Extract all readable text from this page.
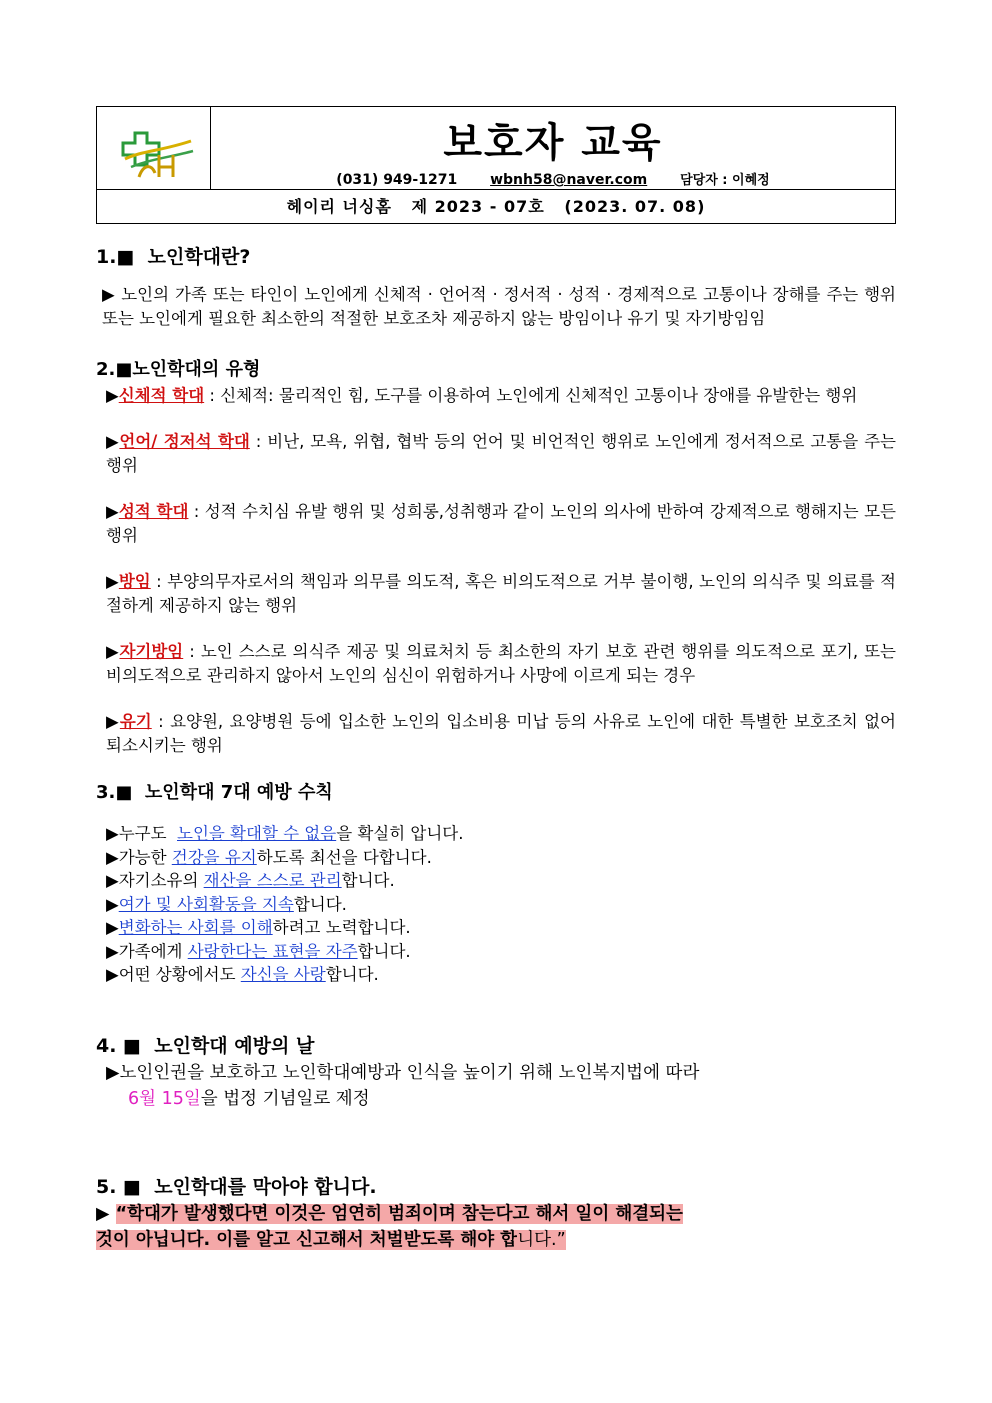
보호자 교육
(031) 949-1271 wbnh58@naver.com	담당자 : 이혜정
헤이리 너싱홈   제 2023 - 07호   (2023. 07. 08)
1.■  노인학대란?
▶ 노인의 가족 또는 타인이 노인에게 신체적 · 언어적 · 정서적 · 성적 · 경제적으로 고통이나 장해를 주는 행위 또는 노인에게 필요한 최소한의 적절한 보호조차 제공하지 않는 방임이나 유기 및 자기방임임
2.■노인학대의 유형
▶신체적 학대 : 신체적: 물리적인 힘, 도구를 이용하여 노인에게 신체적인 고통이나 장애를 유발한는 행위
▶언어/ 정저석 학대 : 비난, 모욕, 위협, 협박 등의 언어 및 비언적인 행위로 노인에게 정서적으로 고통을 주는 행위
▶성적 학대 : 성적 수치심 유발 행위 및 성희롱,성취행과 같이 노인의 의사에 반하여 강제적으로 행해지는 모든 행위
▶방임 : 부양의무자로서의 책임과 의무를 의도적, 혹은 비의도적으로 거부 불이행, 노인의 의식주 및 의료를 적절하게 제공하지 않는 행위
▶자기방임 : 노인 스스로 의식주 제공 및 의료처치 등 최소한의 자기 보호 관련 행위를 의도적으로 포기, 또는 비의도적으로 관리하지 않아서 노인의 심신이 위험하거나 사망에 이르게 되는 경우
▶유기 : 요양원, 요양병원 등에 입소한 노인의 입소비용 미납 등의 사유로 노인에 대한 특별한 보호조치 없어 퇴소시키는 행위
3.■  노인학대 7대 예방 수칙
▶누구도  노인을 확대할 수 없음을 확실히 압니다.
▶가능한 건강을 유지하도록 최선을 다합니다.
▶자기소유의 재산을 스스로 관리합니다.
▶여가 및 사회활동을 지속합니다.
▶변화하는 사회를 이해하려고 노력합니다.
▶가족에게 사랑한다는 표현을 자주합니다.
▶어떤 상황에서도 자신을 사랑합니다.
4. ■  노인학대 예방의 날
▶노인인권을 보호하고 노인학대예방과 인식을 높이기 위해 노인복지법에 따라
6월 15일을 법정 기념일로 제정
5. ■  노인학대를 막아야 합니다.
▶ “학대가 발생했다면 이것은 엄연히 범죄이며 참는다고 해서 일이 해결되는
것이 아닙니다. 이를 알고 신고해서 처벌받도록 해야 합니다.”
